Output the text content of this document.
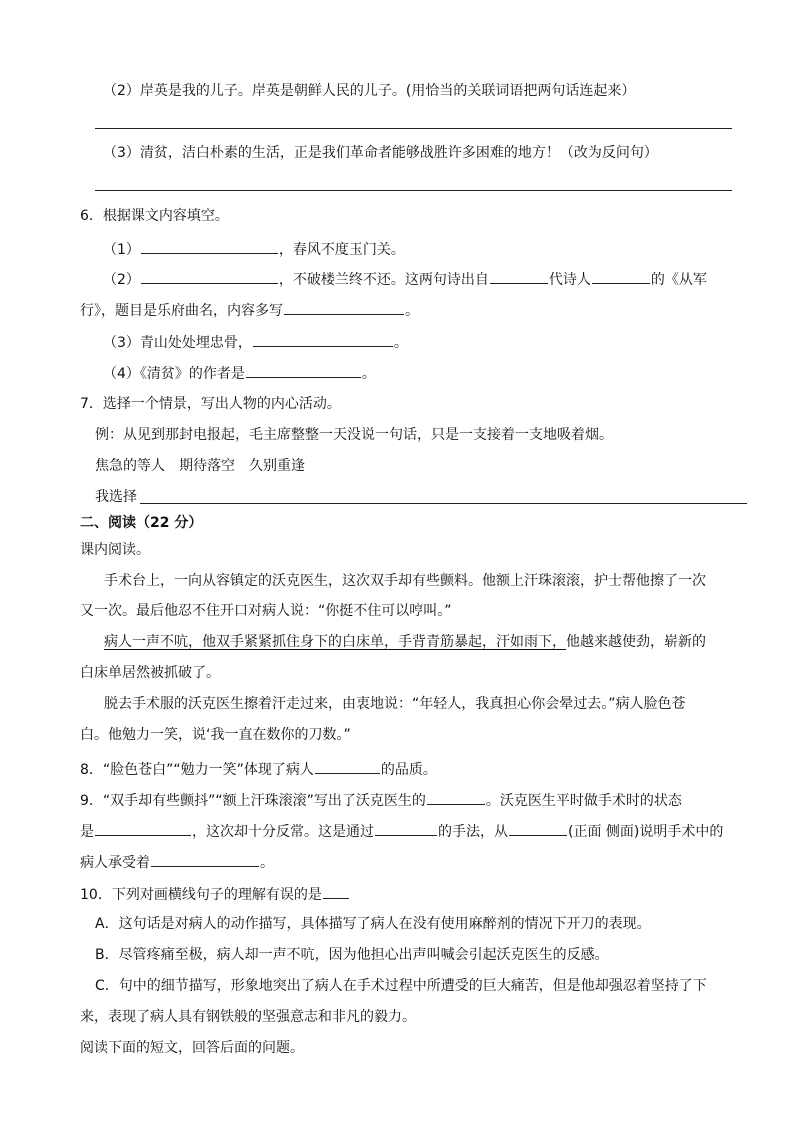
（2）岸英是我的儿子。岸英是朝鲜人民的儿子。(用恰当的关联词语把两句话连起来）
（3）清贫，洁白朴素的生活，正是我们革命者能够战胜许多困难的地方！（改为反问句）
6．根据课文内容填空。
（1）	，春风不度玉门关。
（2）	，不破楼兰终不还。这两句诗出自	代诗人	的《从军
行》，题目是乐府曲名，内容多写	。
（3）青山处处埋忠骨，	。
（4）《清贫》的作者是	。
7．选择一个情景，写出人物的内心活动。
例：从见到那封电报起，毛主席整整一天没说一句话，只是一支接着一支地吸着烟。
焦急的等人　期待落空　久别重逢
我选择
二、阅读（22 分）
课内阅读。
手术台上，一向从容镇定的沃克医生，这次双手却有些颤料。他额上汗珠滚滚，护士帮他擦了一次
又一次。最后他忍不住开口对病人说：“你挺不住可以哼叫。”
病人一声不吭，他双手紧紧抓住身下的白床单，手背青筋暴起，汗如雨下，他越来越使劲，崭新的
白床单居然被抓破了。
脱去手术服的沃克医生擦着汗走过来，由衷地说：“年轻人，我真担心你会晕过去。”病人脸色苍
白。他勉力一笑，说‘我一直在数你的刀数。”
8．“脸色苍白”“勉力一笑”体现了病人	的品质。
9．“双手却有些颤抖”“额上汗珠滚滚”写出了沃克医生的	。沃克医生平时做手术时的状态
是	，这次却十分反常。这是通过	的手法，从	(正面 侧面)说明手术中的
病人承受着	。
10．下列对画横线句子的理解有误的是
A．这句话是对病人的动作描写，具体描写了病人在没有使用麻醉剂的情况下开刀的表现。
B．尽管疼痛至极，病人却一声不吭，因为他担心出声叫喊会引起沃克医生的反感。
C．句中的细节描写，形象地突出了病人在手术过程中所遭受的巨大痛苦，但是他却强忍着坚持了下
来，表现了病人具有钢铁般的坚强意志和非凡的毅力。
阅读下面的短文，回答后面的问题。
